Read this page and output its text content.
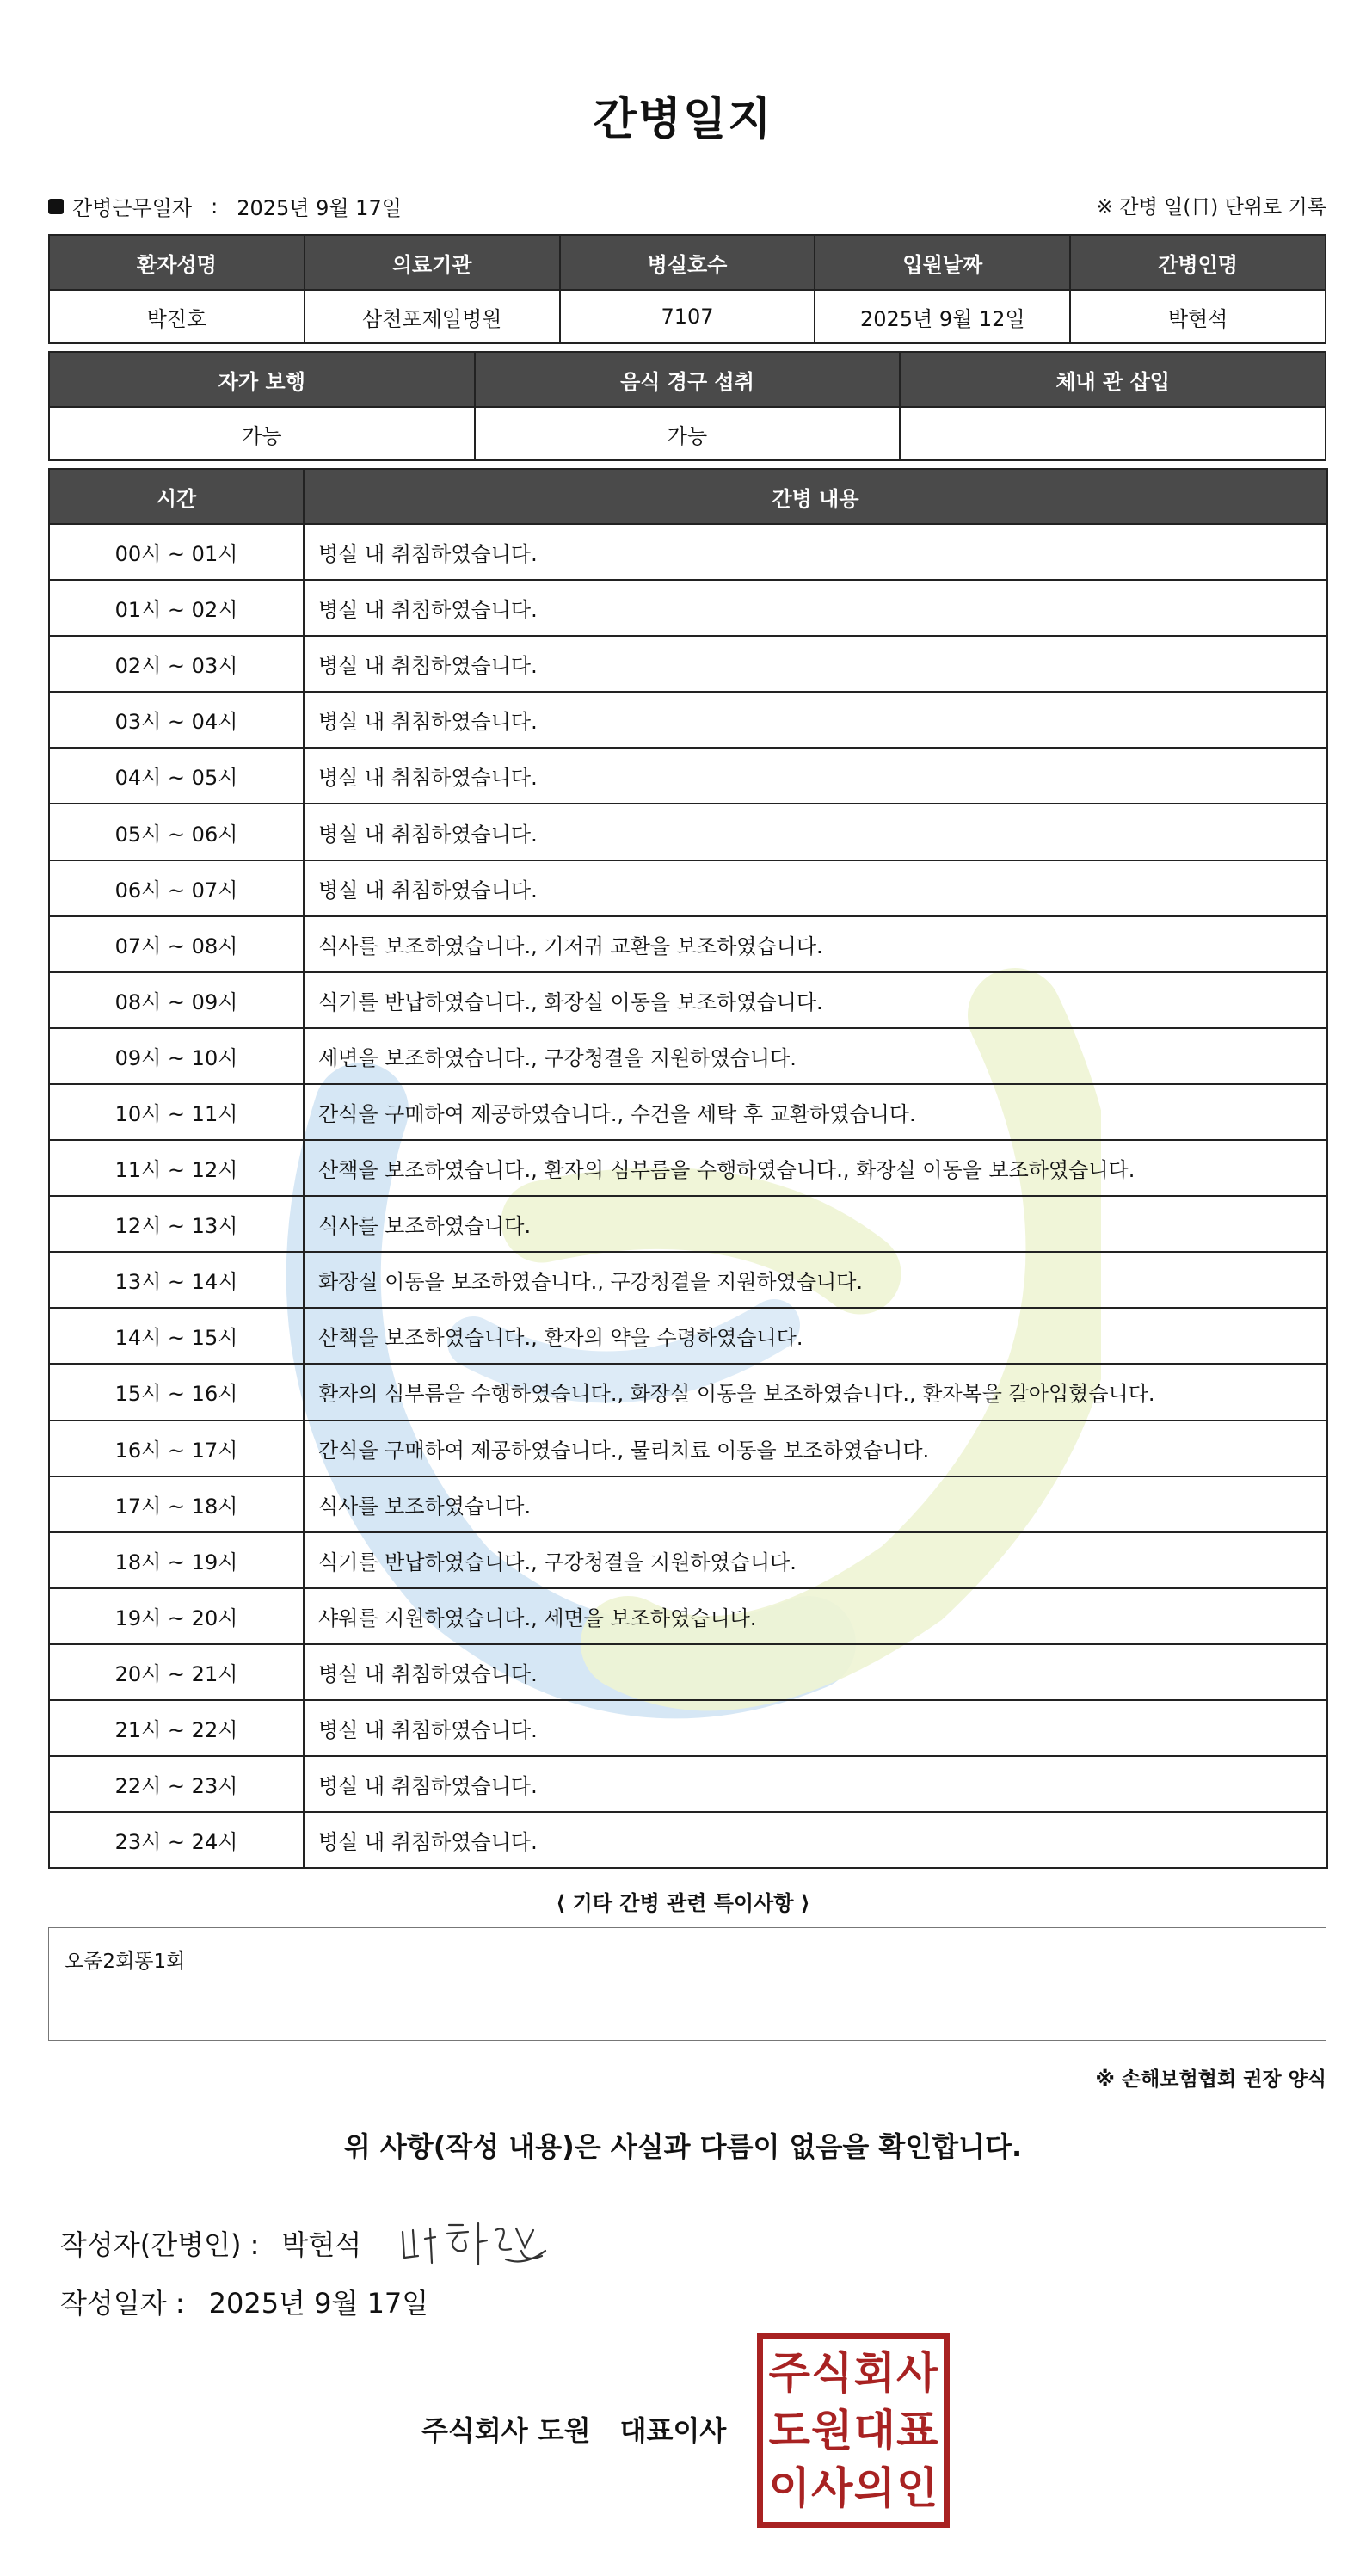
간병일지
간병근무일자 : 2025년 9월 17일	※ 간병 일(日) 단위로 기록
환자성명	의료기관	병실호수	입원날짜	간병인명
박진호	삼천포제일병원	7107	2025년 9월 12일	박현석
자가 보행	음식 경구 섭취	체내 관 삽입
가능	가능	
시간	간병 내용
00시 ~ 01시	병실 내 취침하였습니다.
01시 ~ 02시	병실 내 취침하였습니다.
02시 ~ 03시	병실 내 취침하였습니다.
03시 ~ 04시	병실 내 취침하였습니다.
04시 ~ 05시	병실 내 취침하였습니다.
05시 ~ 06시	병실 내 취침하였습니다.
06시 ~ 07시	병실 내 취침하였습니다.
07시 ~ 08시	식사를 보조하였습니다., 기저귀 교환을 보조하였습니다.
08시 ~ 09시	식기를 반납하였습니다., 화장실 이동을 보조하였습니다.
09시 ~ 10시	세면을 보조하였습니다., 구강청결을 지원하였습니다.
10시 ~ 11시	간식을 구매하여 제공하였습니다., 수건을 세탁 후 교환하였습니다.
11시 ~ 12시	산책을 보조하였습니다., 환자의 심부름을 수행하였습니다., 화장실 이동을 보조하였습니다.
12시 ~ 13시	식사를 보조하였습니다.
13시 ~ 14시	화장실 이동을 보조하였습니다., 구강청결을 지원하였습니다.
14시 ~ 15시	산책을 보조하였습니다., 환자의 약을 수령하였습니다.
15시 ~ 16시	환자의 심부름을 수행하였습니다., 화장실 이동을 보조하였습니다., 환자복을 갈아입혔습니다.
16시 ~ 17시	간식을 구매하여 제공하였습니다., 물리치료 이동을 보조하였습니다.
17시 ~ 18시	식사를 보조하였습니다.
18시 ~ 19시	식기를 반납하였습니다., 구강청결을 지원하였습니다.
19시 ~ 20시	샤워를 지원하였습니다., 세면을 보조하였습니다.
20시 ~ 21시	병실 내 취침하였습니다.
21시 ~ 22시	병실 내 취침하였습니다.
22시 ~ 23시	병실 내 취침하였습니다.
23시 ~ 24시	병실 내 취침하였습니다.
⟨ 기타 간병 관련 특이사항 ⟩
오줌2회똥1회
※ 손해보험협회 권장 양식
위 사항(작성 내용)은 사실과 다름이 없음을 확인합니다.
작성자(간병인) : 박현석
작성일자 : 2025년 9월 17일
주식회사 도원 대표이사
주 식 회 사
도 원 대 표
이 사 의 인
